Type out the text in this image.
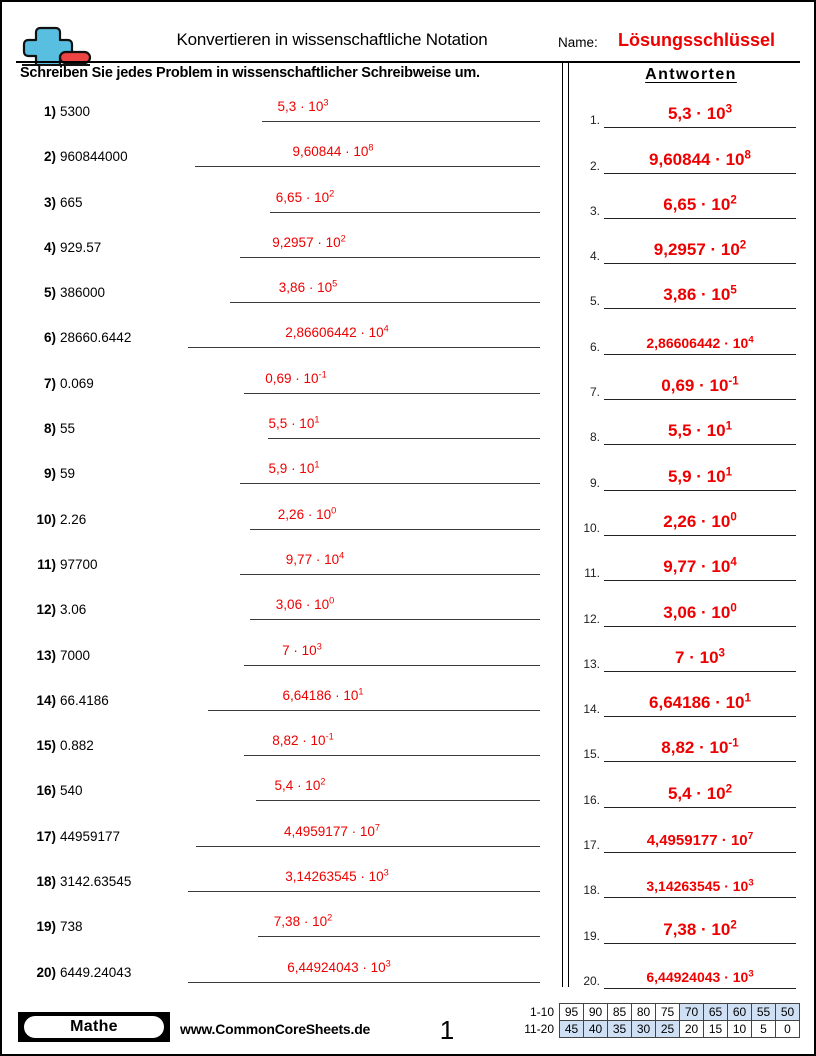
Konvertieren in wissenschaftliche Notation	Name: Lösungsschlüssel
Schreiben Sie jedes Problem in wissenschaftlicher Schreibweise um.	Antworten
1) 5300	$5,3 \cdot 10^3$
2) 960844000	$9,60844 \cdot 10^8$
3) 665	$6,65 \cdot 10^2$
4) 929.57	$9,2957 \cdot 10^2$
5) 386000	$3,86 \cdot 10^5$
6) 28660.6442	$2,86606442 \cdot 10^4$
7) 0.069	$0,69 \cdot 10^{-1}$
8) 55	$5,5 \cdot 10^1$
9) 59	$5,9 \cdot 10^1$
10) 2.26	$2,26 \cdot 10^0$
11) 97700	$9,77 \cdot 10^4$
12) 3.06	$3,06 \cdot 10^0$
13) 7000	$7 \cdot 10^3$
14) 66.4186	$6,64186 \cdot 10^1$
15) 0.882	$8,82 \cdot 10^{-1}$
16) 540	$5,4 \cdot 10^2$
17) 44959177	$4,4959177 \cdot 10^7$
18) 3142.63545	$3,14263545 \cdot 10^3$
19) 738	$7,38 \cdot 10^2$
20) 6449.24043	$6,44924043 \cdot 10^3$
1.	$5,3 \cdot 10^3$
2.	$9,60844 \cdot 10^8$
3.	$6,65 \cdot 10^2$
4.	$9,2957 \cdot 10^2$
5.	$3,86 \cdot 10^5$
6.	$2,86606442 \cdot 10^4$
7.	$0,69 \cdot 10^{-1}$
8.	$5,5 \cdot 10^1$
9.	$5,9 \cdot 10^1$
10.	$2,26 \cdot 10^0$
11.	$9,77 \cdot 10^4$
12.	$3,06 \cdot 10^0$
13.	$7 \cdot 10^3$
14.	$6,64186 \cdot 10^1$
15.	$8,82 \cdot 10^{-1}$
16.	$5,4 \cdot 10^2$
17.	$4,4959177 \cdot 10^7$
18.	$3,14263545 \cdot 10^3$
19.	$7,38 \cdot 10^2$
20.	$6,44924043 \cdot 10^3$
Mathe	www.CommonCoreSheets.de	1
1-10	95	90	85	80	75	70	65	60	55	50
11-20	45	40	35	30	25	20	15	10	5	0
